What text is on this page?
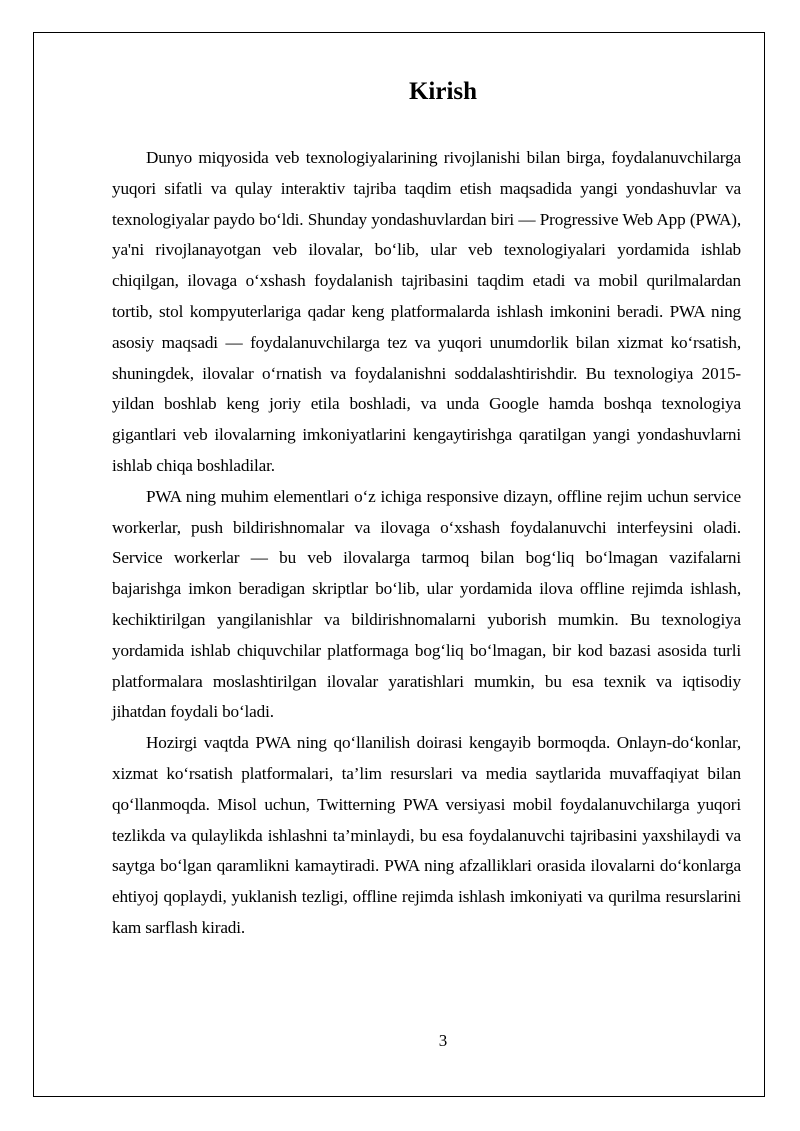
Kirish

Dunyo miqyosida veb texnologiyalarining rivojlanishi bilan birga, foydalanuvchilarga yuqori sifatli va qulay interaktiv tajriba taqdim etish maqsadida yangi yondashuvlar va texnologiyalar paydo bo‘ldi. Shunday yondashuvlardan biri — Progressive Web App (PWA), ya'ni rivojlanayotgan veb ilovalar, bo‘lib, ular veb texnologiyalari yordamida ishlab chiqilgan, ilovaga o‘xshash foydalanish tajribasini taqdim etadi va mobil qurilmalardan tortib, stol kompyuterlariga qadar keng platformalarda ishlash imkonini beradi. PWA ning asosiy maqsadi — foydalanuvchilarga tez va yuqori unumdorlik bilan xizmat ko‘rsatish, shuningdek, ilovalar o‘rnatish va foydalanishni soddalashtirishdir. Bu texnologiya 2015-yildan boshlab keng joriy etila boshladi, va unda Google hamda boshqa texnologiya gigantlari veb ilovalarning imkoniyatlarini kengaytirishga qaratilgan yangi yondashuvlarni ishlab chiqa boshladilar.

PWA ning muhim elementlari o‘z ichiga responsive dizayn, offline rejim uchun service workerlar, push bildirishnomalar va ilovaga o‘xshash foydalanuvchi interfeysini oladi. Service workerlar — bu veb ilovalarga tarmoq bilan bog‘liq bo‘lmagan vazifalarni bajarishga imkon beradigan skriptlar bo‘lib, ular yordamida ilova offline rejimda ishlash, kechiktirilgan yangilanishlar va bildirishnomalarni yuborish mumkin. Bu texnologiya yordamida ishlab chiquvchilar platformaga bog‘liq bo‘lmagan, bir kod bazasi asosida turli platformalara moslashtirilgan ilovalar yaratishlari mumkin, bu esa texnik va iqtisodiy jihatdan foydali bo‘ladi.

Hozirgi vaqtda PWA ning qo‘llanilish doirasi kengayib bormoqda. Onlayn-do‘konlar, xizmat ko‘rsatish platformalari, ta’lim resurslari va media saytlarida muvaffaqiyat bilan qo‘llanmoqda. Misol uchun, Twitterning PWA versiyasi mobil foydalanuvchilarga yuqori tezlikda va qulaylikda ishlashni ta’minlaydi, bu esa foydalanuvchi tajribasini yaxshilaydi va saytga bo‘lgan qaramlikni kamaytiradi. PWA ning afzalliklari orasida ilovalarni do‘konlarga ehtiyoj qoplaydi, yuklanish tezligi, offline rejimda ishlash imkoniyati va qurilma resurslarini kam sarflash kiradi.

3
